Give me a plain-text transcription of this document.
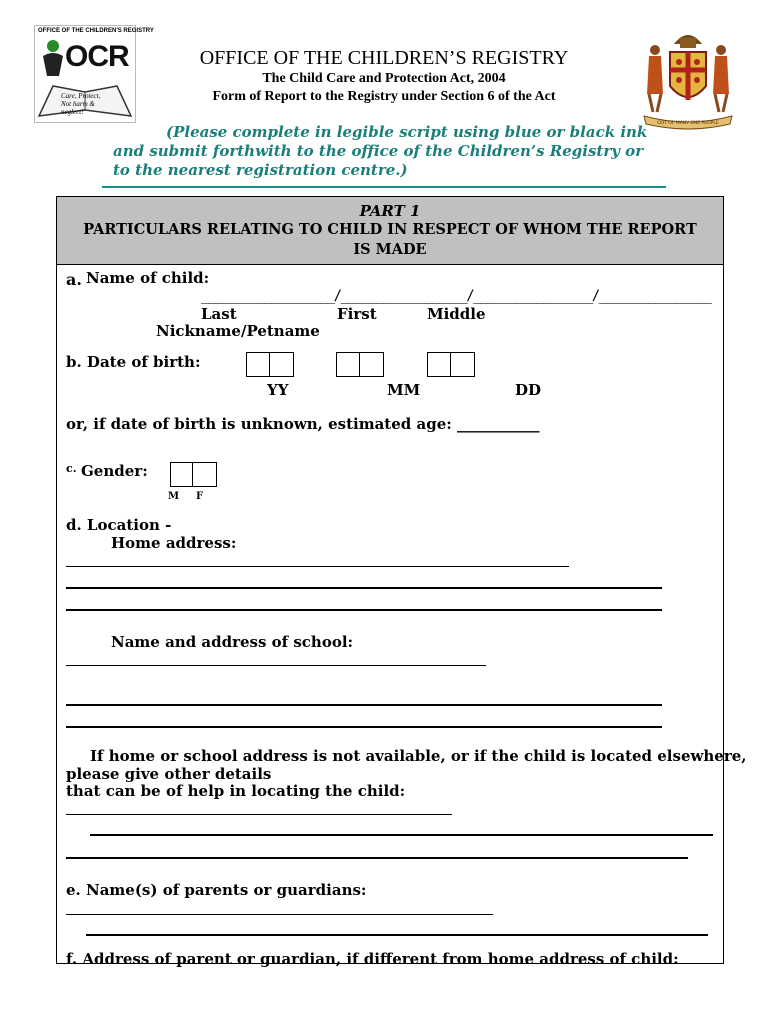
OFFICE OF THE CHILDREN'S REGISTRY
OCR
Care, Protect, Not harm & neglect!
OFFICE OF THE CHILDREN’S REGISTRY
The Child Care and Protection Act, 2004
Form of Report to the Registry under Section 6 of the Act
OUT OF MANY ONE PEOPLE
(Please complete in legible script using blue or black ink
and submit forthwith to the office of the Children’s Registry or
to the nearest registration centre.)
PART 1
PARTICULARS RELATING TO CHILD IN RESPECT OF WHOM THE REPORT
IS MADE
a. Name of child:
___________________/__________________/_________________/________________
Last	First	Middle
Nickname/Petname
b. Date of birth:
YY	MM	DD
or, if date of birth is unknown, estimated age: ___________
c. Gender:
M F
d. Location -
Home address:
Name and address of school:
If home or school address is not available, or if the child is located elsewhere,
please give other details
that can be of help in locating the child:
e. Name(s) of parents or guardians:
f. Address of parent or guardian, if different from home address of child:
